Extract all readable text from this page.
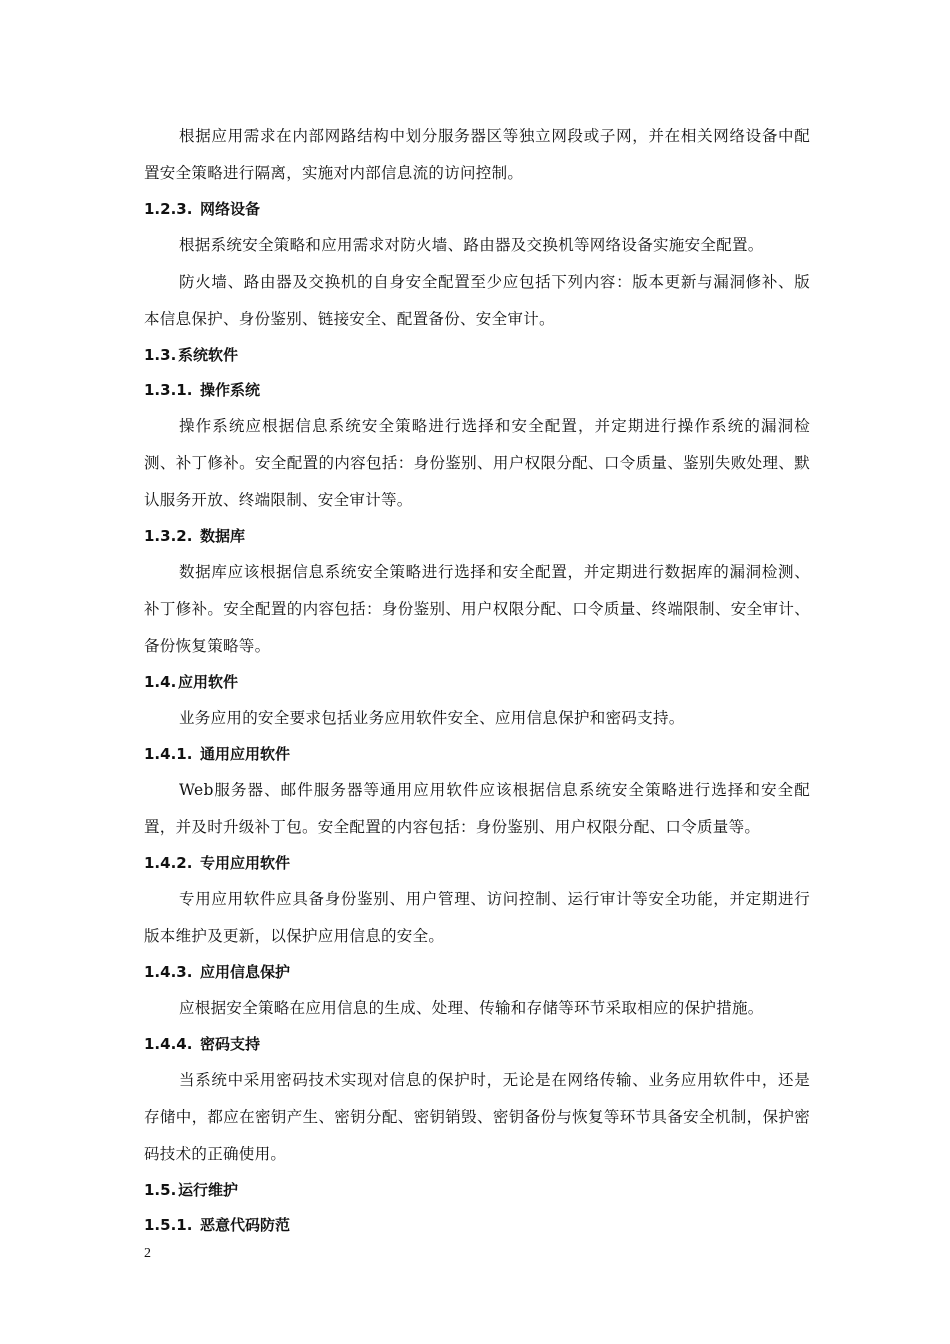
根据应用需求在内部网路结构中划分服务器区等独立网段或子网，并在相关网络设备中配置安全策略进行隔离，实施对内部信息流的访问控制。

1.2.3. 网络设备

根据系统安全策略和应用需求对防火墙、路由器及交换机等网络设备实施安全配置。

防火墙、路由器及交换机的自身安全配置至少应包括下列内容：版本更新与漏洞修补、版本信息保护、身份鉴别、链接安全、配置备份、安全审计。

1.3. 系统软件
1.3.1. 操作系统

操作系统应根据信息系统安全策略进行选择和安全配置，并定期进行操作系统的漏洞检测、补丁修补。安全配置的内容包括：身份鉴别、用户权限分配、口令质量、鉴别失败处理、默认服务开放、终端限制、安全审计等。

1.3.2. 数据库

数据库应该根据信息系统安全策略进行选择和安全配置，并定期进行数据库的漏洞检测、补丁修补。安全配置的内容包括：身份鉴别、用户权限分配、口令质量、终端限制、安全审计、备份恢复策略等。

1.4. 应用软件

业务应用的安全要求包括业务应用软件安全、应用信息保护和密码支持。

1.4.1. 通用应用软件

Web服务器、邮件服务器等通用应用软件应该根据信息系统安全策略进行选择和安全配置，并及时升级补丁包。安全配置的内容包括：身份鉴别、用户权限分配、口令质量等。

1.4.2. 专用应用软件

专用应用软件应具备身份鉴别、用户管理、访问控制、运行审计等安全功能，并定期进行版本维护及更新，以保护应用信息的安全。

1.4.3. 应用信息保护

应根据安全策略在应用信息的生成、处理、传输和存储等环节采取相应的保护措施。

1.4.4. 密码支持

当系统中采用密码技术实现对信息的保护时，无论是在网络传输、业务应用软件中，还是存储中，都应在密钥产生、密钥分配、密钥销毁、密钥备份与恢复等环节具备安全机制，保护密码技术的正确使用。

1.5. 运行维护
1.5.1. 恶意代码防范
2
